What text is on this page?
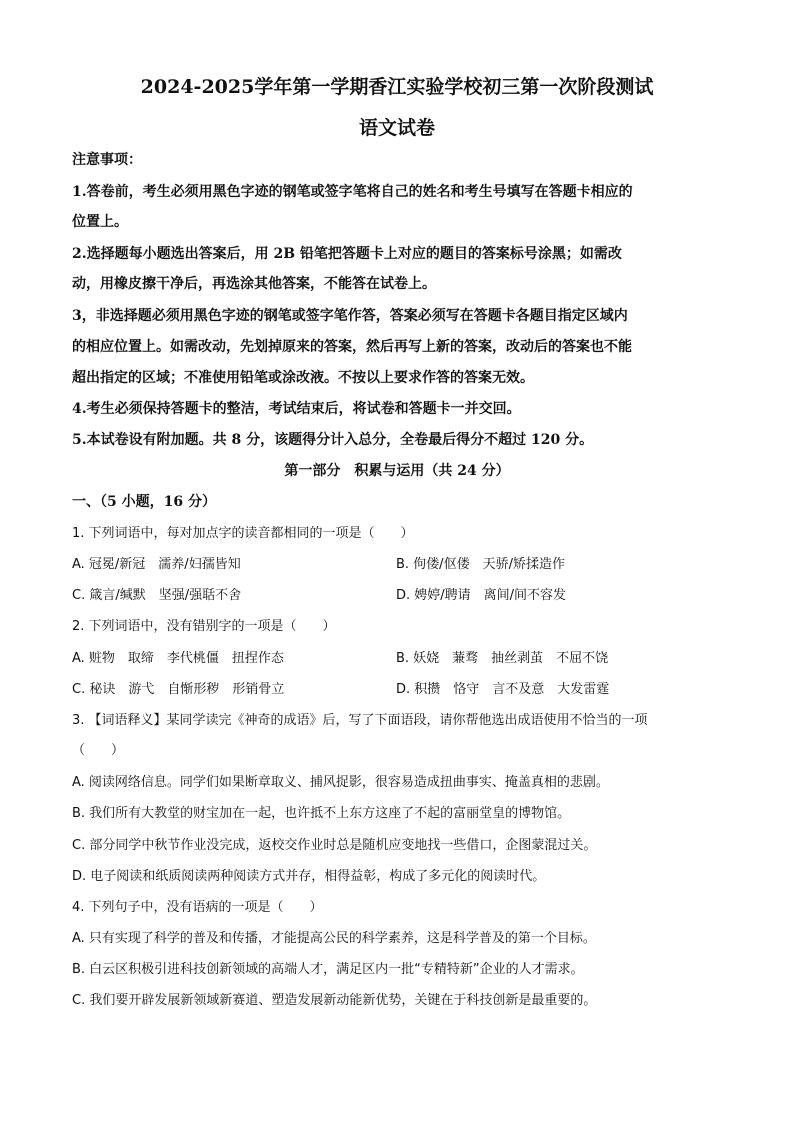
2024-2025学年第一学期香江实验学校初三第一次阶段测试
语文试卷
注意事项：
1.答卷前，考生必须用黑色字迹的钢笔或签字笔将自己的姓名和考生号填写在答题卡相应的
位置上。
2.选择题每小题选出答案后，用 2B 铅笔把答题卡上对应的题目的答案标号涂黑；如需改
动，用橡皮擦干净后，再选涂其他答案，不能答在试卷上。
3，非选择题必须用黑色字迹的钢笔或签字笔作答，答案必须写在答题卡各题目指定区域内
的相应位置上。如需改动，先划掉原来的答案，然后再写上新的答案，改动后的答案也不能
超出指定的区域；不准使用铅笔或涂改液。不按以上要求作答的答案无效。
4.考生必须保持答题卡的整洁，考试结束后，将试卷和答题卡一并交回。
5.本试卷设有附加题。共 8 分，该题得分计入总分，全卷最后得分不超过 120 分。
第一部分　积累与运用（共 24 分）
一、（5 小题，16 分）
1. 下列词语中，每对加点字的读音都相同的一项是（　　）
A. 冠冕/新冠　濡养/妇孺皆知	B. 佝偻/伛偻　天骄/矫揉造作
C. 箴言/缄默　坚强/强聒不舍	D. 娉婷/聘请　离间/间不容发
2. 下列词语中，没有错别字的一项是（　　）
A. 赃物　取缔　李代桃僵　扭捏作态	B. 妖娆　蒹骛　抽丝剥茧　不屈不饶
C. 秘诀　游弋　自惭形秽　形销骨立	D. 积攒　恪守　言不及意　大发雷霆
3. 【词语释义】某同学读完《神奇的成语》后，写了下面语段，请你帮他选出成语使用不恰当的一项
（　　）
A. 阅读网络信息。同学们如果断章取义、捕风捉影，很容易造成扭曲事实、掩盖真相的悲剧。
B. 我们所有大教堂的财宝加在一起，也许抵不上东方这座了不起的富丽堂皇的博物馆。
C. 部分同学中秋节作业没完成，返校交作业时总是随机应变地找一些借口，企图蒙混过关。
D. 电子阅读和纸质阅读两种阅读方式并存，相得益彰，构成了多元化的阅读时代。
4. 下列句子中，没有语病的一项是（　　）
A. 只有实现了科学的普及和传播，才能提高公民的科学素养，这是科学普及的第一个目标。
B. 白云区积极引进科技创新领域的高端人才，满足区内一批“专精特新”企业的人才需求。
C. 我们要开辟发展新领域新赛道、塑造发展新动能新优势，关键在于科技创新是最重要的。
